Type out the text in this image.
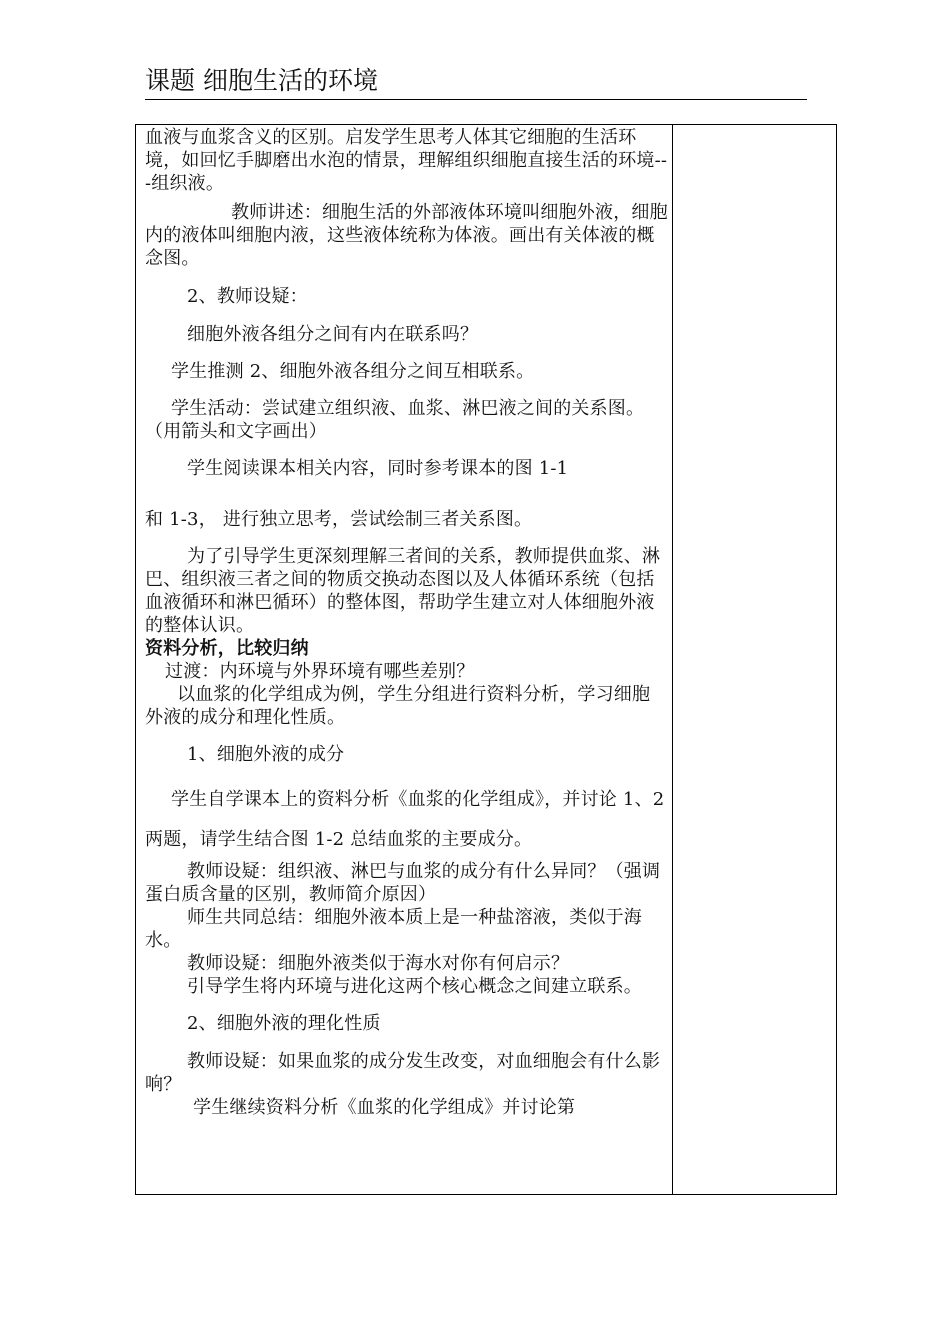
课题 细胞生活的环境

血液与血浆含义的区别。启发学生思考人体其它细胞的生活环境，如回忆手脚磨出水泡的情景，理解组织细胞直接生活的环境---组织液。

教师讲述：细胞生活的外部液体环境叫细胞外液，细胞内的液体叫细胞内液，这些液体统称为体液。画出有关体液的概念图。

2、教师设疑：

细胞外液各组分之间有内在联系吗？

学生推测 2、细胞外液各组分之间互相联系。

学生活动：尝试建立组织液、血浆、淋巴液之间的关系图。（用箭头和文字画出）

学生阅读课本相关内容，同时参考课本的图 1-1

和 1-3， 进行独立思考，尝试绘制三者关系图。

为了引导学生更深刻理解三者间的关系，教师提供血浆、淋巴、组织液三者之间的物质交换动态图以及人体循环系统（包括血液循环和淋巴循环）的整体图，帮助学生建立对人体细胞外液的整体认识。

资料分析，比较归纳

过渡：内环境与外界环境有哪些差别？

以血浆的化学组成为例，学生分组进行资料分析，学习细胞外液的成分和理化性质。

1、细胞外液的成分

学生自学课本上的资料分析《血浆的化学组成》，并讨论 1、2 两题，请学生结合图 1-2 总结血浆的主要成分。

教师设疑：组织液、淋巴与血浆的成分有什么异同？（强调蛋白质含量的区别，教师简介原因）

师生共同总结：细胞外液本质上是一种盐溶液，类似于海水。

教师设疑：细胞外液类似于海水对你有何启示？

引导学生将内环境与进化这两个核心概念之间建立联系。

2、细胞外液的理化性质

教师设疑：如果血浆的成分发生改变，对血细胞会有什么影响？

学生继续资料分析《血浆的化学组成》并讨论第
